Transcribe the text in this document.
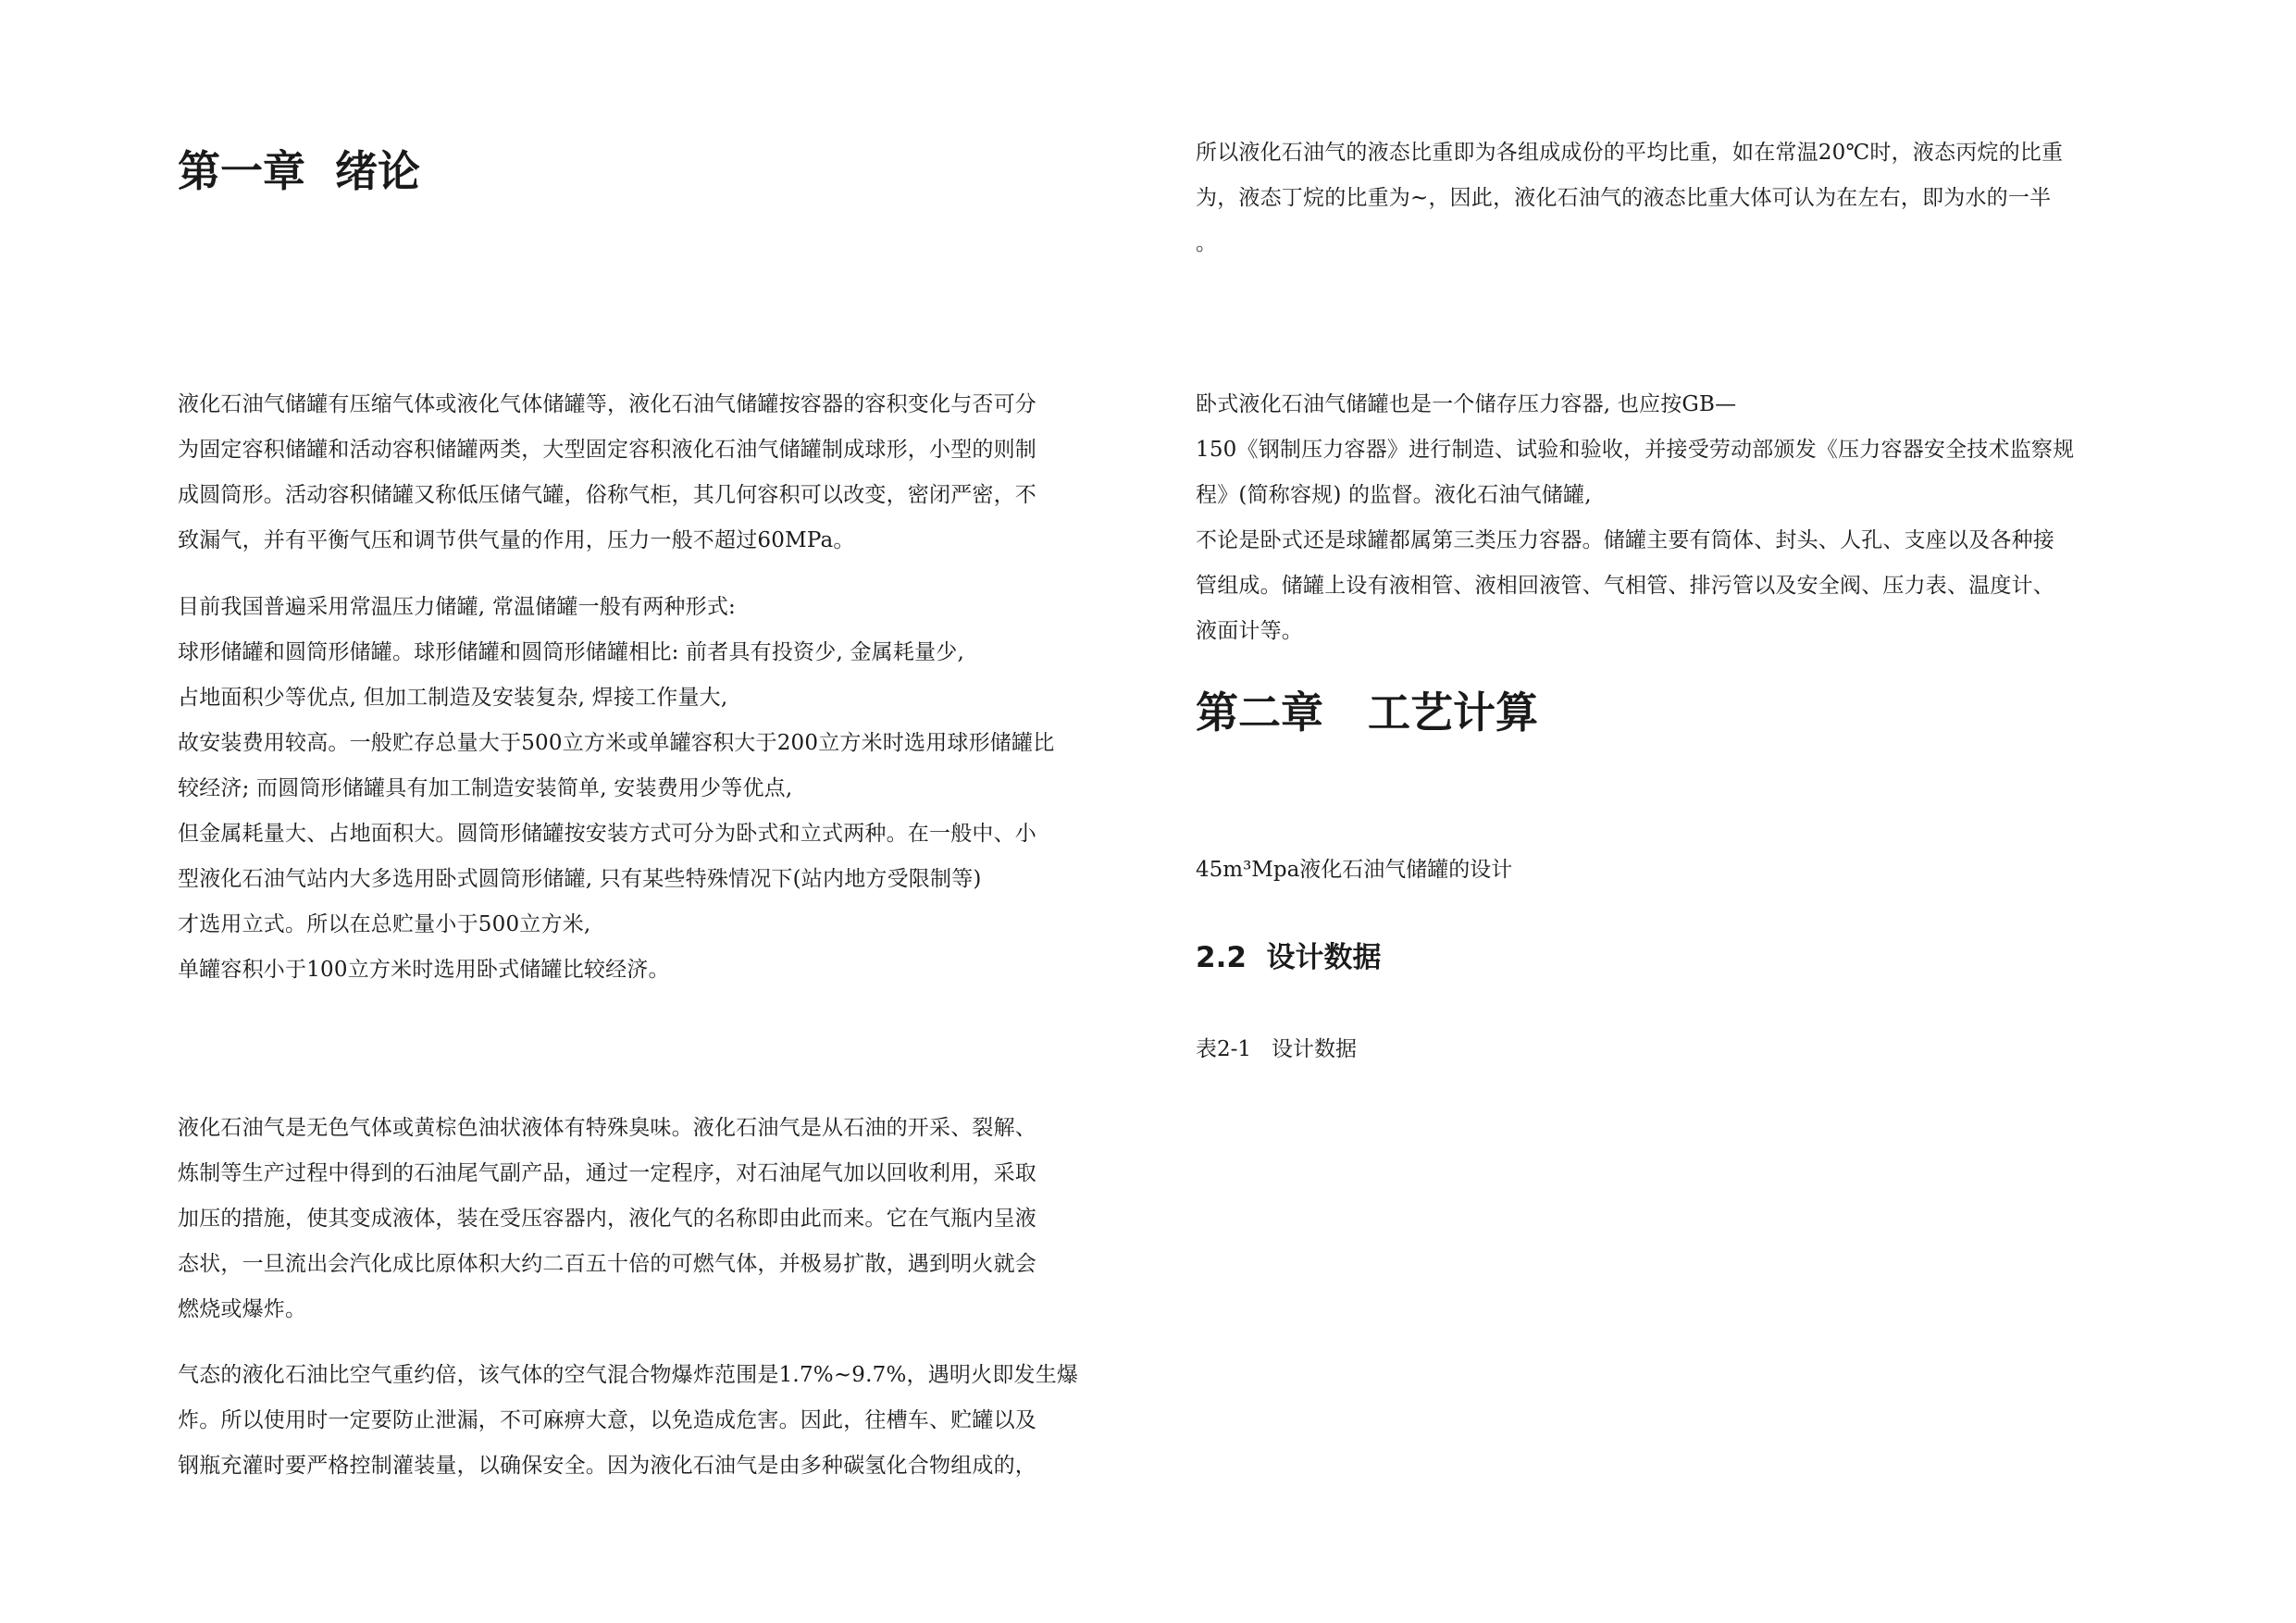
第一章  绪论
液化石油气储罐有压缩气体或液化气体储罐等，液化石油气储罐按容器的容积变化与否可分
为固定容积储罐和活动容积储罐两类，大型固定容积液化石油气储罐制成球形，小型的则制
成圆筒形。活动容积储罐又称低压储气罐，俗称气柜，其几何容积可以改变，密闭严密，不
致漏气，并有平衡气压和调节供气量的作用，压力一般不超过60MPa。
目前我国普遍采用常温压力储罐, 常温储罐一般有两种形式:
球形储罐和圆筒形储罐。球形储罐和圆筒形储罐相比: 前者具有投资少, 金属耗量少,
占地面积少等优点, 但加工制造及安装复杂, 焊接工作量大,
故安装费用较高。一般贮存总量大于500立方米或单罐容积大于200立方米时选用球形储罐比
较经济; 而圆筒形储罐具有加工制造安装简单, 安装费用少等优点,
但金属耗量大、占地面积大。圆筒形储罐按安装方式可分为卧式和立式两种。在一般中、小
型液化石油气站内大多选用卧式圆筒形储罐, 只有某些特殊情况下(站内地方受限制等)
才选用立式。所以在总贮量小于500立方米,
单罐容积小于100立方米时选用卧式储罐比较经济。
液化石油气是无色气体或黄棕色油状液体有特殊臭味。液化石油气是从石油的开采、裂解、
炼制等生产过程中得到的石油尾气副产品，通过一定程序，对石油尾气加以回收利用，采取
加压的措施，使其变成液体，装在受压容器内，液化气的名称即由此而来。它在气瓶内呈液
态状，一旦流出会汽化成比原体积大约二百五十倍的可燃气体，并极易扩散，遇到明火就会
燃烧或爆炸。
气态的液化石油比空气重约倍，该气体的空气混合物爆炸范围是1.7%~9.7%，遇明火即发生爆
炸。所以使用时一定要防止泄漏，不可麻痹大意，以免造成危害。因此，往槽车、贮罐以及
钢瓶充灌时要严格控制灌装量，以确保安全。因为液化石油气是由多种碳氢化合物组成的，
所以液化石油气的液态比重即为各组成成份的平均比重，如在常温20℃时，液态丙烷的比重
为，液态丁烷的比重为~，因此，液化石油气的液态比重大体可认为在左右，即为水的一半
。
卧式液化石油气储罐也是一个储存压力容器, 也应按GB—
150《钢制压力容器》进行制造、试验和验收，并接受劳动部颁发《压力容器安全技术监察规
程》(简称容规) 的监督。液化石油气储罐,
不论是卧式还是球罐都属第三类压力容器。储罐主要有筒体、封头、人孔、支座以及各种接
管组成。储罐上设有液相管、液相回液管、气相管、排污管以及安全阀、压力表、温度计、
液面计等。
第二章   工艺计算
45m³Mpa液化石油气储罐的设计
2.2  设计数据
表2-1   设计数据
